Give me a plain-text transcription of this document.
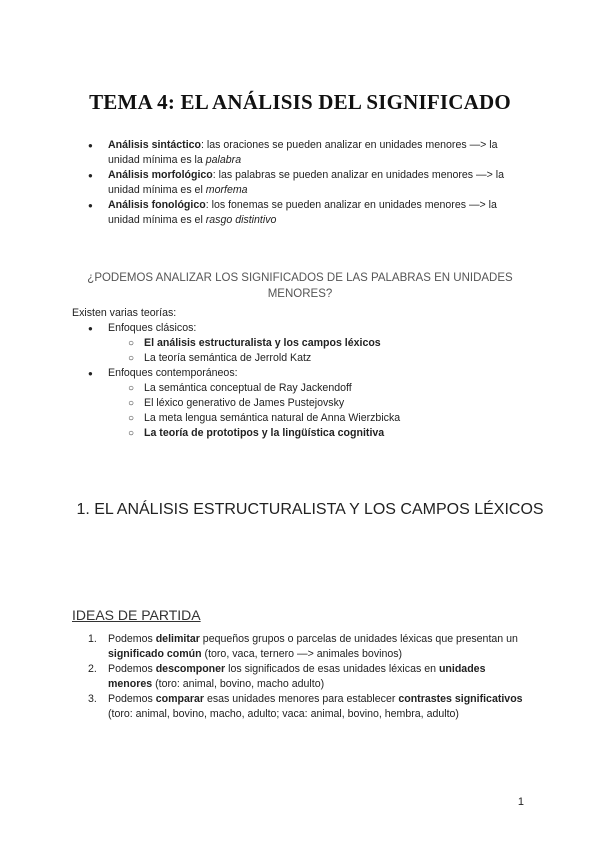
TEMA 4: EL ANÁLISIS DEL SIGNIFICADO
● Análisis sintáctico: las oraciones se pueden analizar en unidades menores —> la unidad mínima es la palabra
● Análisis morfológico: las palabras se pueden analizar en unidades menores —> la unidad mínima es el morfema
● Análisis fonológico: los fonemas se pueden analizar en unidades menores —> la unidad mínima es el rasgo distintivo
¿PODEMOS ANALIZAR LOS SIGNIFICADOS DE LAS PALABRAS EN UNIDADES MENORES?
Existen varias teorías:
● Enfoques clásicos:
○ El análisis estructuralista y los campos léxicos
○ La teoría semántica de Jerrold Katz
● Enfoques contemporáneos:
○ La semántica conceptual de Ray Jackendoff
○ El léxico generativo de James Pustejovsky
○ La meta lengua semántica natural de Anna Wierzbicka
○ La teoría de prototipos y la lingüística cognitiva
1. EL ANÁLISIS ESTRUCTURALISTA Y LOS CAMPOS LÉXICOS
IDEAS DE PARTIDA
1. Podemos delimitar pequeños grupos o parcelas de unidades léxicas que presentan un significado común (toro, vaca, ternero —> animales bovinos)
2. Podemos descomponer los significados de esas unidades léxicas en unidades menores (toro: animal, bovino, macho adulto)
3. Podemos comparar esas unidades menores para establecer contrastes significativos (toro: animal, bovino, macho, adulto; vaca: animal, bovino, hembra, adulto)
1
